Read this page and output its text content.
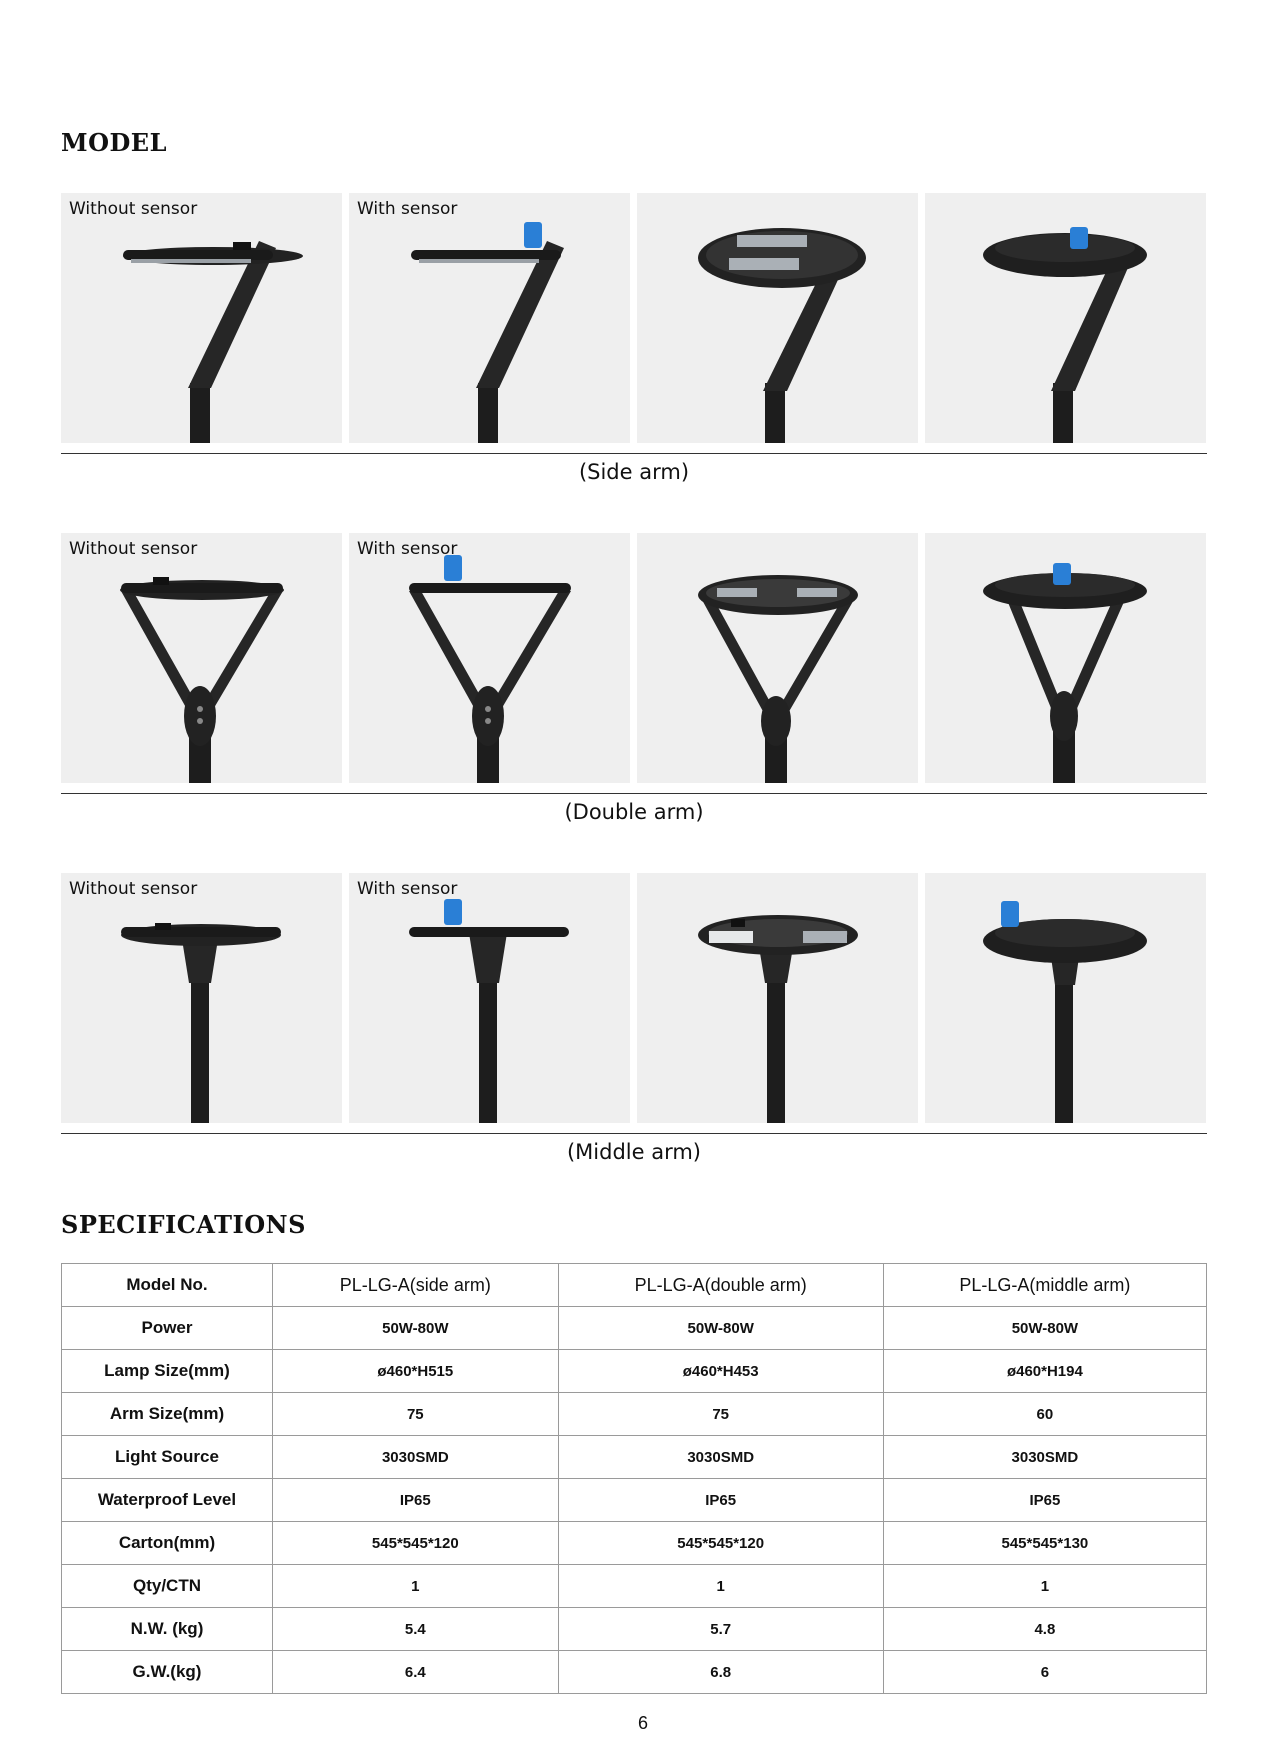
MODEL
Without sensor	With sensor
(Side arm)
Without sensor	With sensor
(Double arm)
Without sensor	With sensor
(Middle arm)
SPECIFICATIONS
Model No.	PL-LG-A(side arm)	PL-LG-A(double arm)	PL-LG-A(middle arm)
Power	50W-80W	50W-80W	50W-80W
Lamp Size(mm)	ø460*H515	ø460*H453	ø460*H194
Arm Size(mm)	75	75	60
Light Source	3030SMD	3030SMD	3030SMD
Waterproof Level	IP65	IP65	IP65
Carton(mm)	545*545*120	545*545*120	545*545*130
Qty/CTN	1	1	1
N.W. (kg)	5.4	5.7	4.8
G.W.(kg)	6.4	6.8	6
6
